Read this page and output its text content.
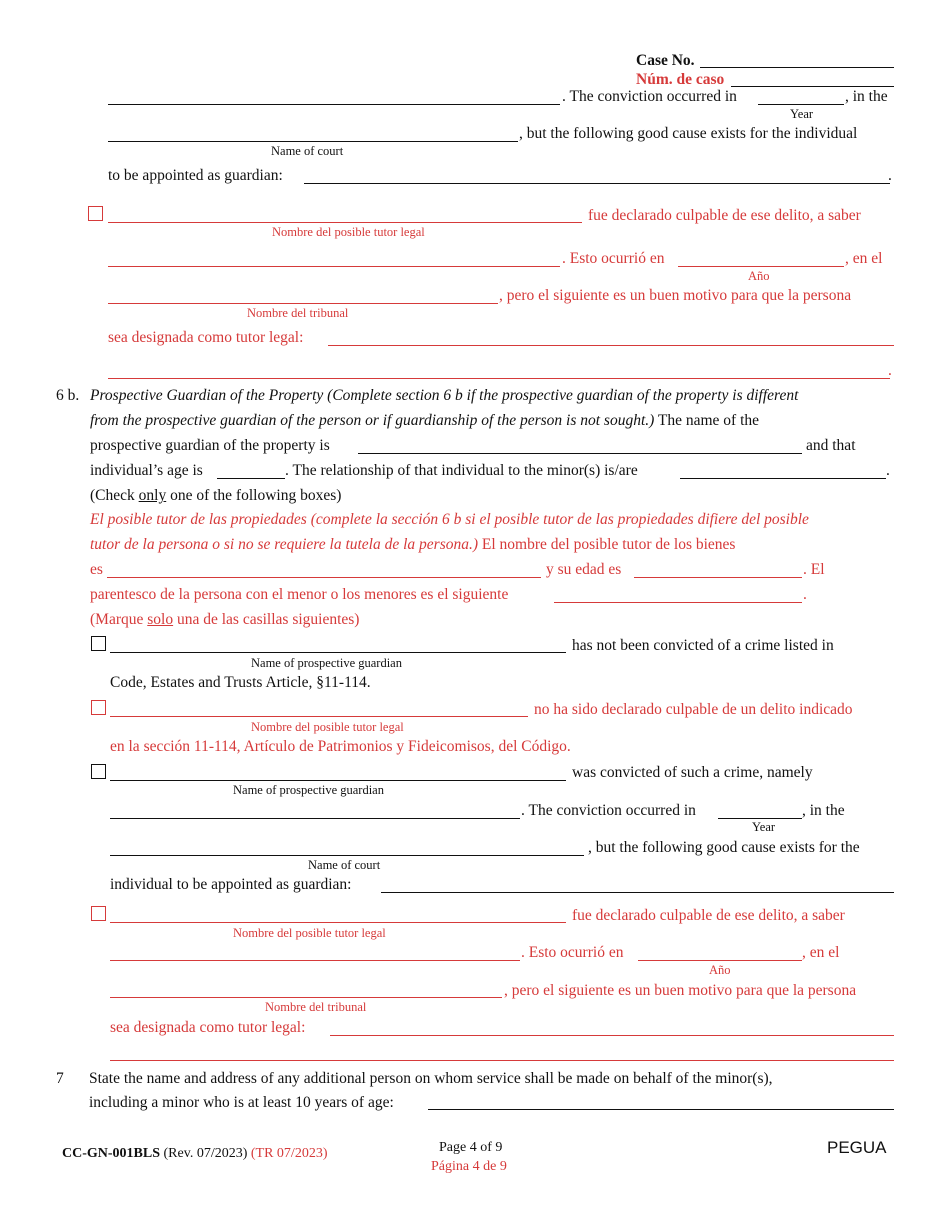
Case No.
Núm. de caso
. The conviction occurred in	, in the
Year
, but the following good cause exists for the individual
Name of court
to be appointed as guardian:	.
fue declarado culpable de ese delito, a saber
Nombre del posible tutor legal
. Esto ocurrió en	, en el
Año
, pero el siguiente es un buen motivo para que la persona
Nombre del tribunal
sea designada como tutor legal:
.
6 b. Prospective Guardian of the Property (Complete section 6 b if the prospective guardian of the property is different
from the prospective guardian of the person or if guardianship of the person is not sought.) The name of the
prospective guardian of the property is	and that
individual’s age is	. The relationship of that individual to the minor(s) is/are	.
(Check only one of the following boxes)
El posible tutor de las propiedades (complete la sección 6 b si el posible tutor de las propiedades difiere del posible
tutor de la persona o si no se requiere la tutela de la persona.) El nombre del posible tutor de los bienes
es	y su edad es	. El
parentesco de la persona con el menor o los menores es el siguiente	.
(Marque solo una de las casillas siguientes)
has not been convicted of a crime listed in
Name of prospective guardian
Code, Estates and Trusts Article, §11-114.
no ha sido declarado culpable de un delito indicado
Nombre del posible tutor legal
en la sección 11-114, Artículo de Patrimonios y Fideicomisos, del Código.
was convicted of such a crime, namely
Name of prospective guardian
. The conviction occurred in	, in the
Year
, but the following good cause exists for the
Name of court
individual to be appointed as guardian:
fue declarado culpable de ese delito, a saber
Nombre del posible tutor legal
. Esto ocurrió en	, en el
Año
, pero el siguiente es un buen motivo para que la persona
Nombre del tribunal
sea designada como tutor legal:
7 State the name and address of any additional person on whom service shall be made on behalf of the minor(s),
including a minor who is at least 10 years of age:
CC-GN-001BLS (Rev. 07/2023) (TR 07/2023)	Page 4 of 9
Página 4 de 9
PEGUA
